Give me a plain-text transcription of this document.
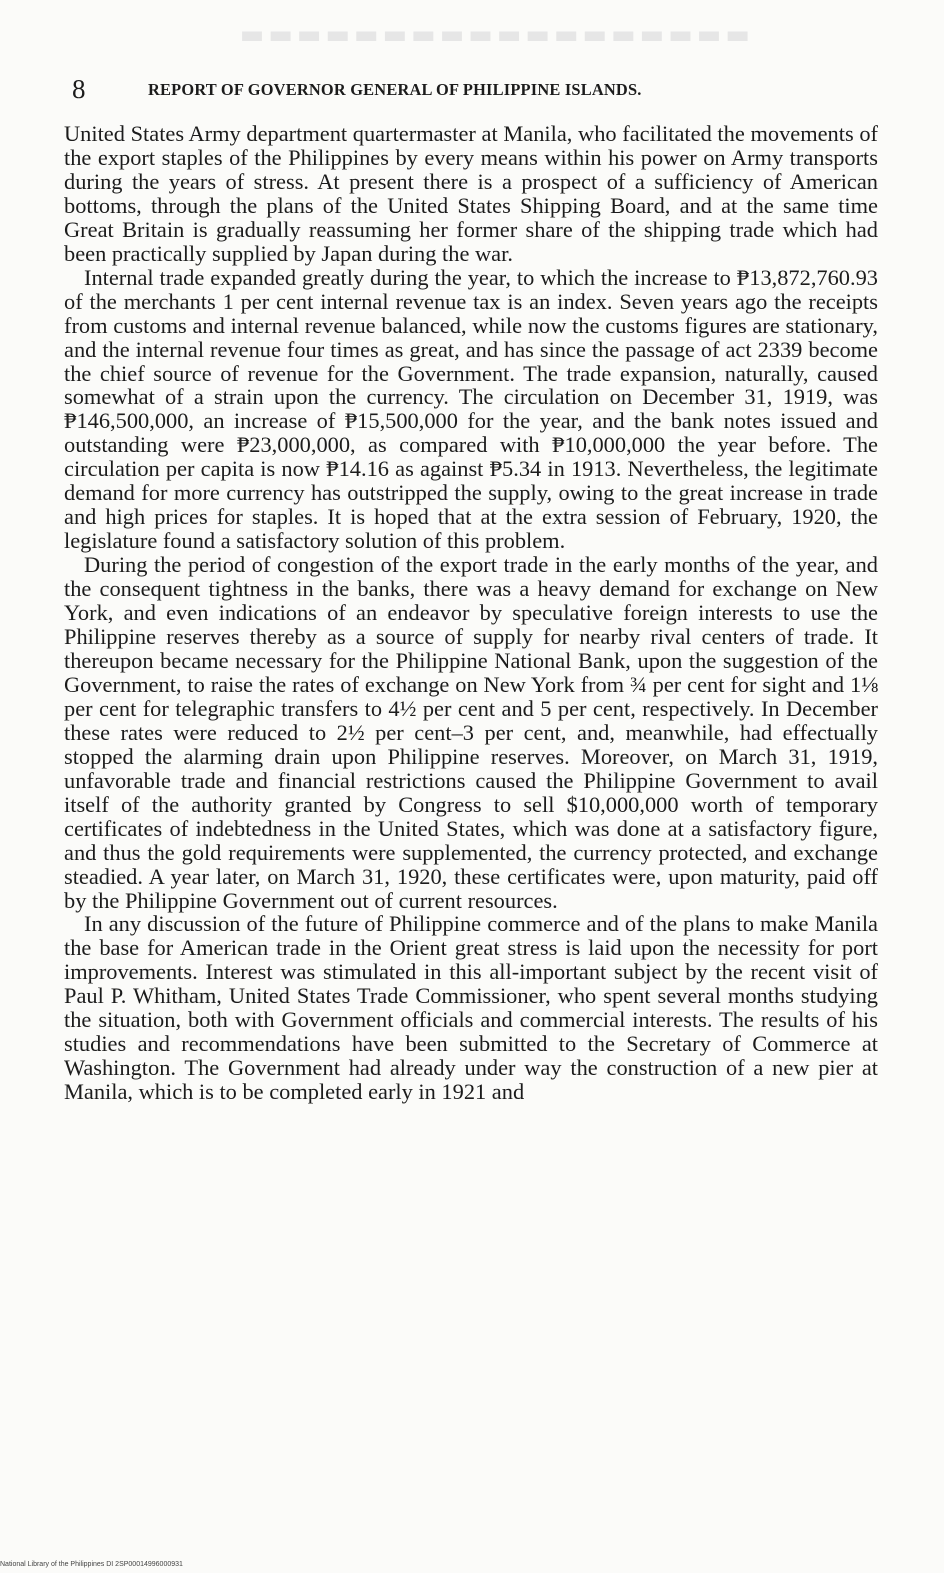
▬▬▬▬▬▬▬▬▬▬▬▬▬▬▬▬▬▬
8	REPORT OF GOVERNOR GENERAL OF PHILIPPINE ISLANDS.

United States Army department quartermaster at Manila, who facilitated the movements of the export staples of the Philippines by every means within his power on Army transports during the years of stress. At present there is a prospect of a sufficiency of American bottoms, through the plans of the United States Shipping Board, and at the same time Great Britain is gradually reassuming her former share of the shipping trade which had been practically supplied by Japan during the war.

Internal trade expanded greatly during the year, to which the increase to ₱13,872,760.93 of the merchants 1 per cent internal revenue tax is an index. Seven years ago the receipts from customs and internal revenue balanced, while now the customs figures are stationary, and the internal revenue four times as great, and has since the passage of act 2339 become the chief source of revenue for the Government. The trade expansion, naturally, caused somewhat of a strain upon the currency. The circulation on December 31, 1919, was ₱146,500,000, an increase of ₱15,500,000 for the year, and the bank notes issued and outstanding were ₱23,000,000, as compared with ₱10,000,000 the year before. The circulation per capita is now ₱14.16 as against ₱5.34 in 1913. Nevertheless, the legitimate demand for more currency has outstripped the supply, owing to the great increase in trade and high prices for staples. It is hoped that at the extra session of February, 1920, the legislature found a satisfactory solution of this problem.

During the period of congestion of the export trade in the early months of the year, and the consequent tightness in the banks, there was a heavy demand for exchange on New York, and even indications of an endeavor by speculative foreign interests to use the Philippine reserves thereby as a source of supply for nearby rival centers of trade. It thereupon became necessary for the Philippine National Bank, upon the suggestion of the Government, to raise the rates of exchange on New York from ¾ per cent for sight and 1⅛ per cent for telegraphic transfers to 4½ per cent and 5 per cent, respectively. In December these rates were reduced to 2½ per cent–3 per cent, and, meanwhile, had effectually stopped the alarming drain upon Philippine reserves. Moreover, on March 31, 1919, unfavorable trade and financial restrictions caused the Philippine Government to avail itself of the authority granted by Congress to sell $10,000,000 worth of temporary certificates of indebtedness in the United States, which was done at a satisfactory figure, and thus the gold requirements were supplemented, the currency protected, and exchange steadied. A year later, on March 31, 1920, these certificates were, upon maturity, paid off by the Philippine Government out of current resources.

In any discussion of the future of Philippine commerce and of the plans to make Manila the base for American trade in the Orient great stress is laid upon the necessity for port improvements. Interest was stimulated in this all-important subject by the recent visit of Paul P. Whitham, United States Trade Commissioner, who spent several months studying the situation, both with Government officials and commercial interests. The results of his studies and recommendations have been submitted to the Secretary of Commerce at Washington. The Government had already under way the construction of a new pier at Manila, which is to be completed early in 1921 and

National Library of the Philippines DI 2SP00014996000931
